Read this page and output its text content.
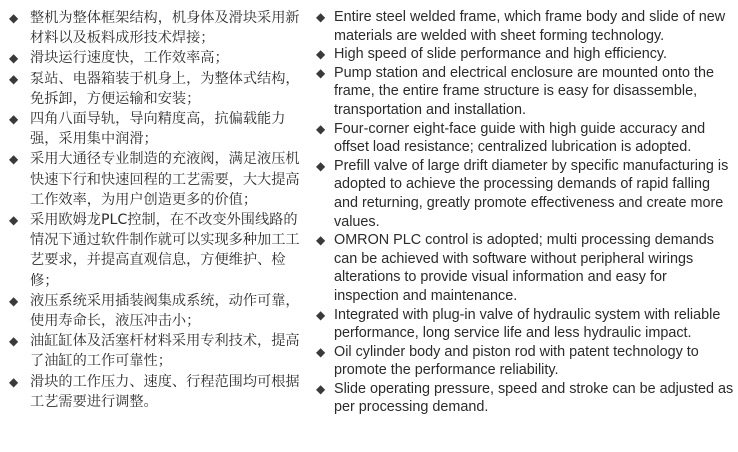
◆ 整机为整体框架结构，机身体及滑块采用新材料以及板料成形技术焊接；
◆ 滑块运行速度快，工作效率高；
◆ 泵站、电器箱装于机身上，为整体式结构，免拆卸，方便运输和安装；
◆ 四角八面导轨，导向精度高，抗偏载能力强，采用集中润滑；
◆ 采用大通径专业制造的充液阀，满足液压机快速下行和快速回程的工艺需要，大大提高工作效率，为用户创造更多的价值；
◆ 采用欧姆龙PLC控制，在不改变外围线路的情况下通过软件制作就可以实现多种加工工艺要求，并提高直观信息，方便维护、检修；
◆ 液压系统采用插装阀集成系统，动作可靠，使用寿命长，液压冲击小；
◆ 油缸缸体及活塞杆材料采用专利技术，提高了油缸的工作可靠性；
◆ 滑块的工作压力、速度、行程范围均可根据工艺需要进行调整。
◆ Entire steel welded frame, which frame body and slide of new materials are welded with sheet forming technology.
◆ High speed of slide performance and high efficiency.
◆ Pump station and electrical enclosure are mounted onto the frame, the entire frame structure is easy for disassemble, transportation and installation.
◆ Four-corner eight-face guide with high guide accuracy and offset load resistance; centralized lubrication is adopted.
◆ Prefill valve of large drift diameter by specific manufacturing is adopted to achieve the processing demands of rapid falling and returning, greatly promote effectiveness and create more values.
◆ OMRON PLC control is adopted; multi processing demands can be achieved with software without peripheral wirings alterations to provide visual information and easy for inspection and maintenance.
◆ Integrated with plug-in valve of hydraulic system with reliable performance, long service life and less hydraulic impact.
◆ Oil cylinder body and piston rod with patent technology to promote the performance reliability.
◆ Slide operating pressure, speed and stroke can be adjusted as per processing demand.
